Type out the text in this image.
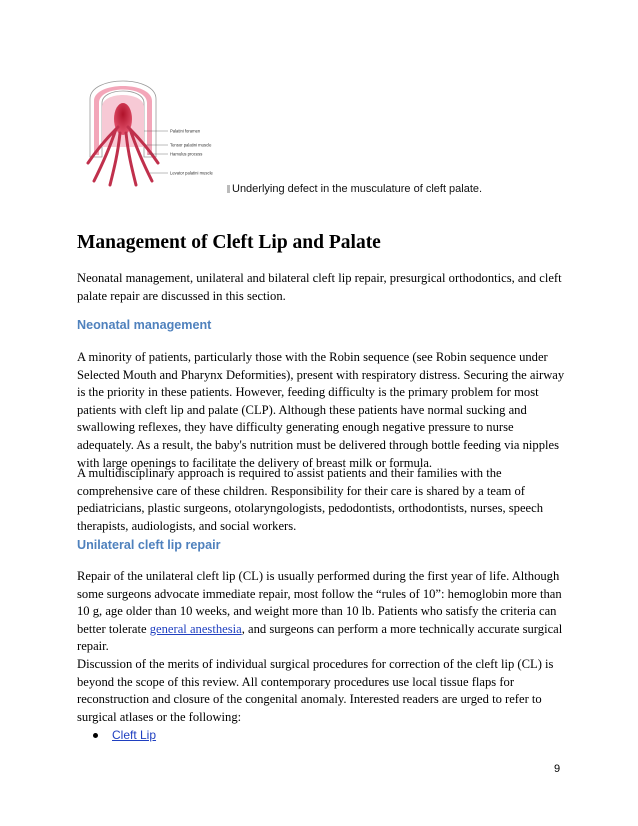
Palatini foramen
Tensor palatini muscle
Hamulus process
Levator palatini muscle
Underlying defect in the musculature of cleft palate.
Management of Cleft Lip and Palate

Neonatal management, unilateral and bilateral cleft lip repair, presurgical orthodontics, and cleft
palate repair are discussed in this section.

Neonatal management

A minority of patients, particularly those with the Robin sequence (see Robin sequence under
Selected Mouth and Pharynx Deformities), present with respiratory distress. Securing the airway
is the priority in these patients. However, feeding difficulty is the primary problem for most
patients with cleft lip and palate (CLP). Although these patients have normal sucking and
swallowing reflexes, they have difficulty generating enough negative pressure to nurse
adequately. As a result, the baby's nutrition must be delivered through bottle feeding via nipples
with large openings to facilitate the delivery of breast milk or formula.

A multidisciplinary approach is required to assist patients and their families with the
comprehensive care of these children. Responsibility for their care is shared by a team of
pediatricians, plastic surgeons, otolaryngologists, pedodontists, orthodontists, nurses, speech
therapists, audiologists, and social workers.

Unilateral cleft lip repair

Repair of the unilateral cleft lip (CL) is usually performed during the first year of life. Although
some surgeons advocate immediate repair, most follow the “rules of 10”: hemoglobin more than
10 g, age older than 10 weeks, and weight more than 10 lb. Patients who satisfy the criteria can
better tolerate general anesthesia, and surgeons can perform a more technically accurate surgical
repair.

Discussion of the merits of individual surgical procedures for correction of the cleft lip (CL) is
beyond the scope of this review. All contemporary procedures use local tissue flaps for
reconstruction and closure of the congenital anomaly. Interested readers are urged to refer to
surgical atlases or the following:

Cleft Lip
9
